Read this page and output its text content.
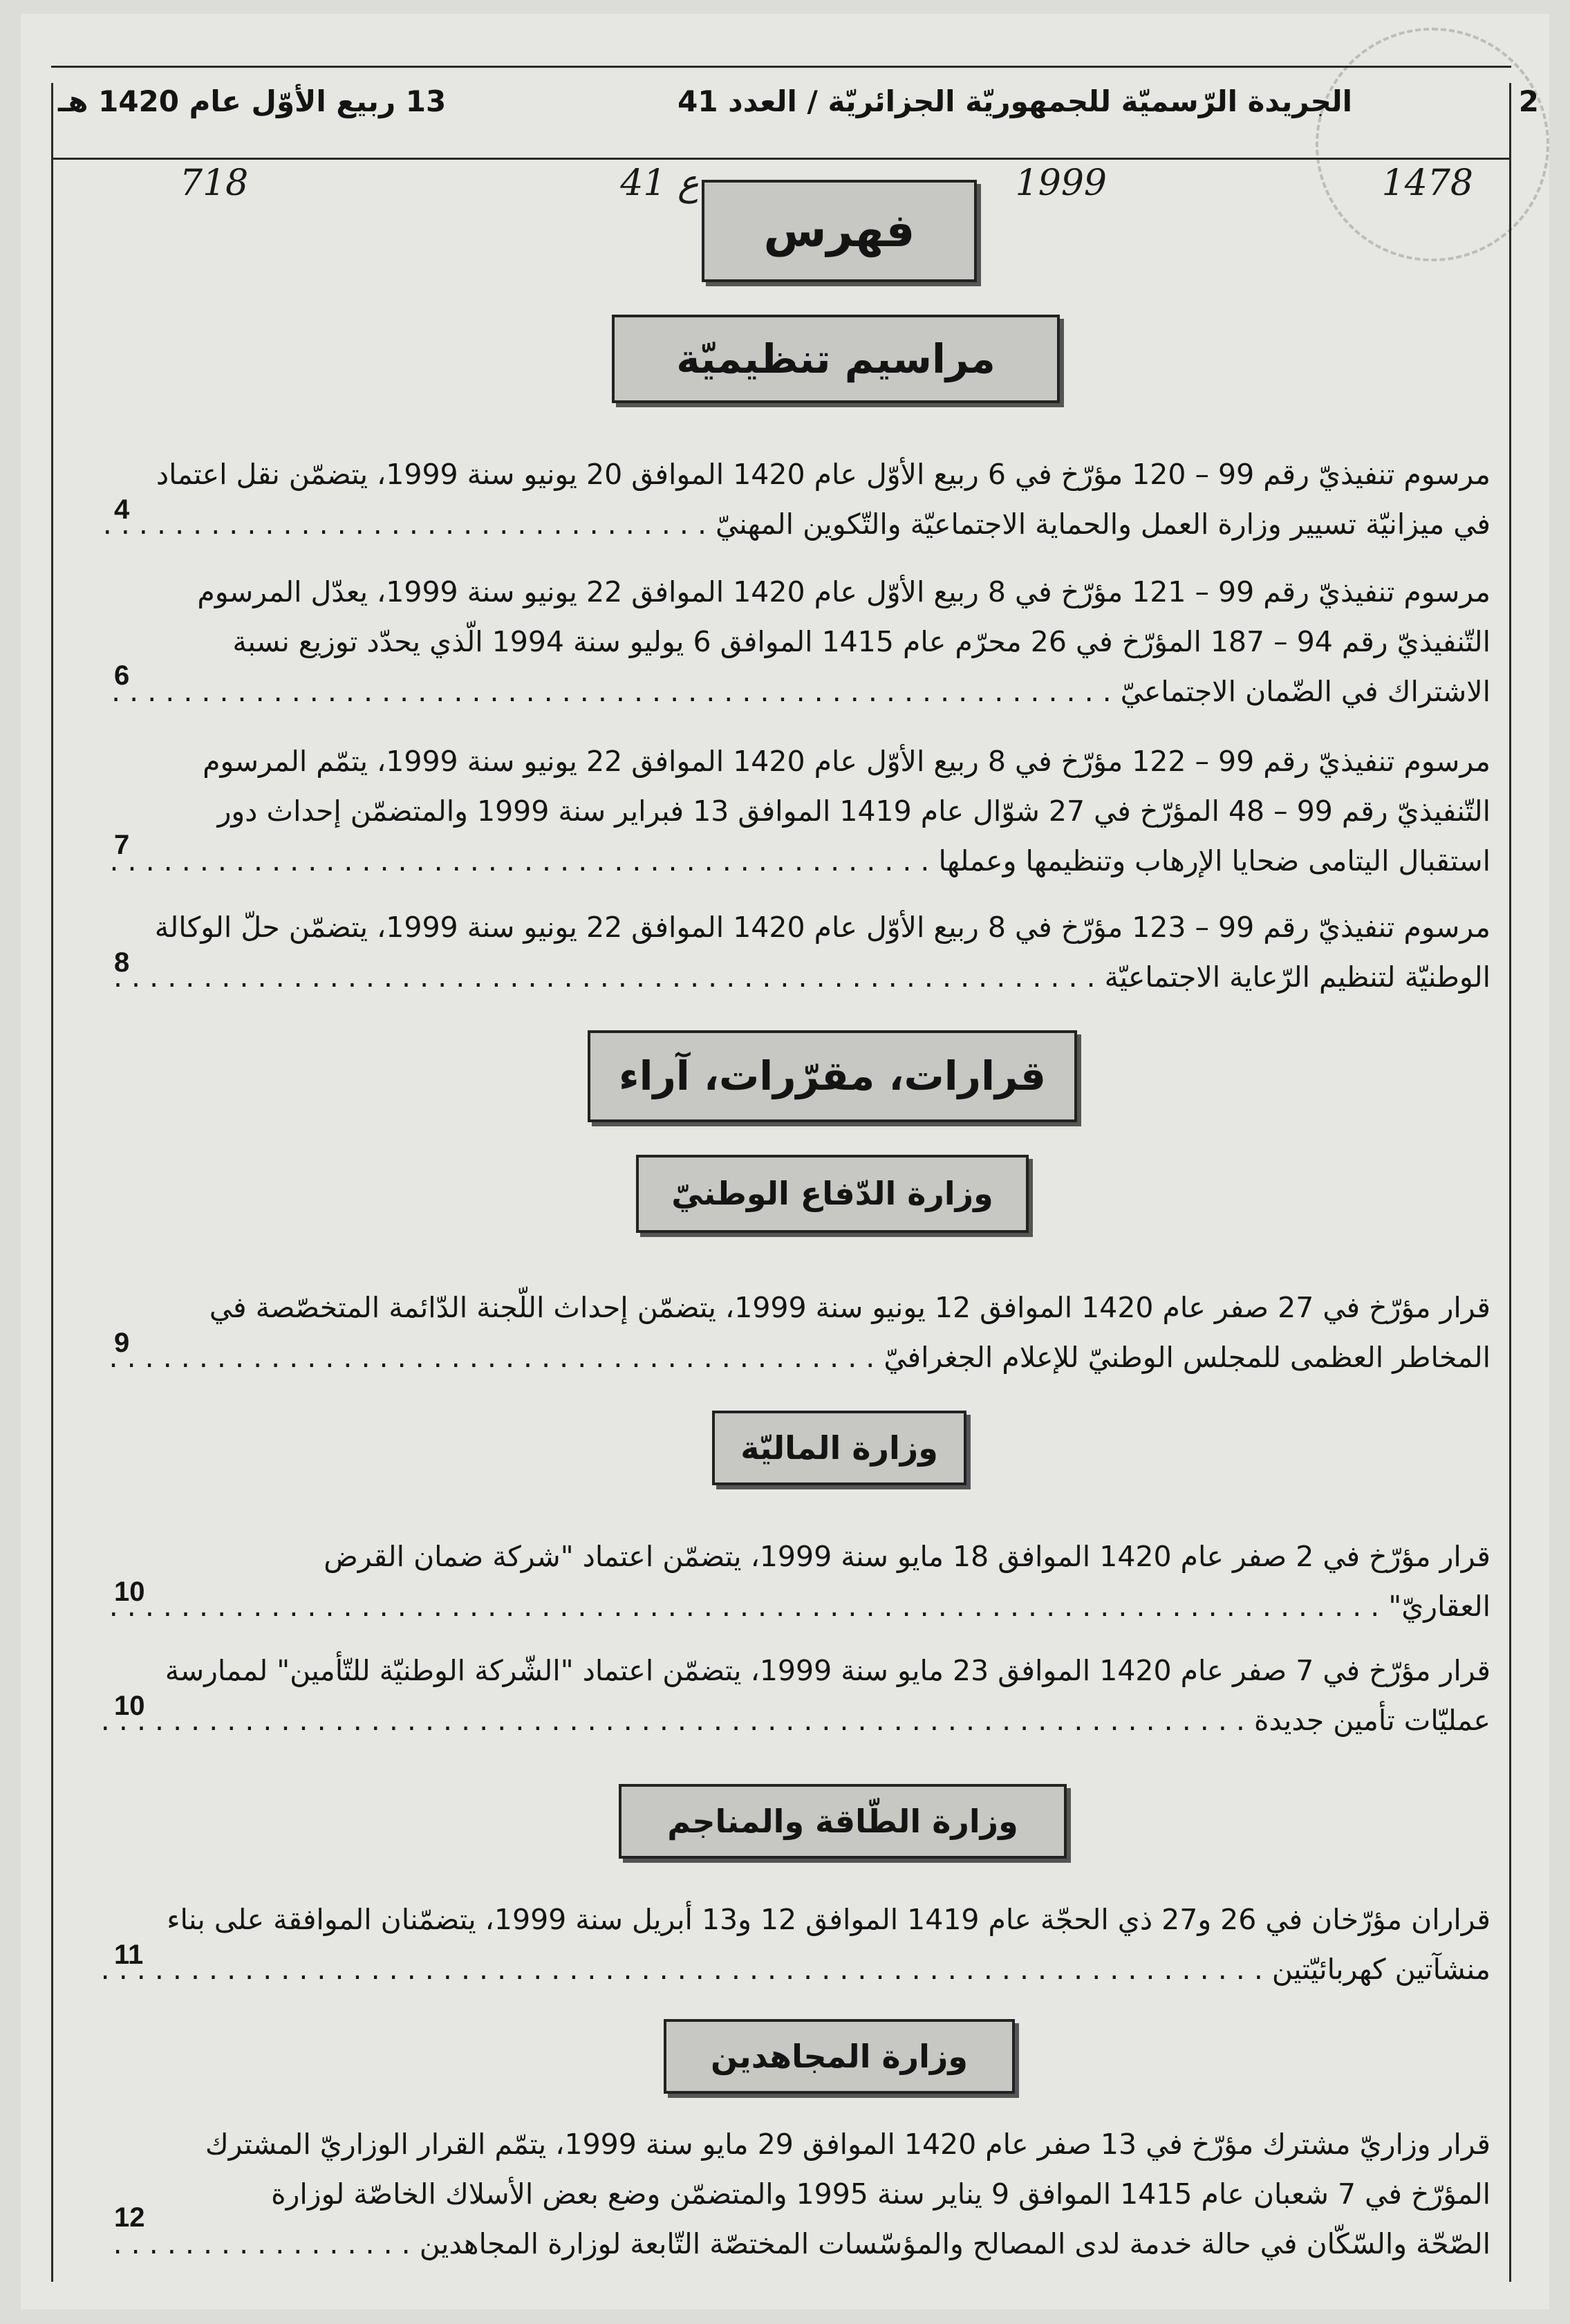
2
الجريدة الرّسميّة للجمهوريّة الجزائريّة / العدد 41
13 ربيع الأوّل عام 1420 هـ
1478
1999
ع 41
718
فهرس
مراسيم تنظيميّة
مرسوم تنفيذيّ رقم 99 – 120 مؤرّخ في 6 ربيع الأوّل عام 1420 الموافق 20 يونيو سنة 1999، يتضمّن نقل اعتماد
في ميزانيّة تسيير وزارة العمل والحماية الاجتماعيّة والتّكوين المهنيّ . . .
4
مرسوم تنفيذيّ رقم 99 – 121 مؤرّخ في 8 ربيع الأوّل عام 1420 الموافق 22 يونيو سنة 1999، يعدّل المرسوم
التّنفيذيّ رقم 94 – 187 المؤرّخ في 26 محرّم عام 1415 الموافق 6 يوليو سنة 1994 الّذي يحدّد توزيع نسبة
الاشتراك في الضّمان الاجتماعيّ . . .
6
مرسوم تنفيذيّ رقم 99 – 122 مؤرّخ في 8 ربيع الأوّل عام 1420 الموافق 22 يونيو سنة 1999، يتمّم المرسوم
التّنفيذيّ رقم 99 – 48 المؤرّخ في 27 شوّال عام 1419 الموافق 13 فبراير سنة 1999 والمتضمّن إحداث دور
استقبال اليتامى ضحايا الإرهاب وتنظيمها وعملها . . .
7
مرسوم تنفيذيّ رقم 99 – 123 مؤرّخ في 8 ربيع الأوّل عام 1420 الموافق 22 يونيو سنة 1999، يتضمّن حلّ الوكالة
الوطنيّة لتنظيم الرّعاية الاجتماعيّة . . .
8
قرارات، مقرّرات، آراء
وزارة الدّفاع الوطنيّ
قرار مؤرّخ في 27 صفر عام 1420 الموافق 12 يونيو سنة 1999، يتضمّن إحداث اللّجنة الدّائمة المتخصّصة في
المخاطر العظمى للمجلس الوطنيّ للإعلام الجغرافيّ . . .
9
وزارة الماليّة
قرار مؤرّخ في 2 صفر عام 1420 الموافق 18 مايو سنة 1999، يتضمّن اعتماد "شركة ضمان القرض
العقاريّ" . . .
10
قرار مؤرّخ في 7 صفر عام 1420 الموافق 23 مايو سنة 1999، يتضمّن اعتماد "الشّركة الوطنيّة للتّأمين" لممارسة
عمليّات تأمين جديدة . . .
10
وزارة الطّاقة والمناجم
قراران مؤرّخان في 26 و27 ذي الحجّة عام 1419 الموافق 12 و13 أبريل سنة 1999، يتضمّنان الموافقة على بناء
منشآتين كهربائيّتين . . .
11
وزارة المجاهدين
قرار وزاريّ مشترك مؤرّخ في 13 صفر عام 1420 الموافق 29 مايو سنة 1999، يتمّم القرار الوزاريّ المشترك
المؤرّخ في 7 شعبان عام 1415 الموافق 9 يناير سنة 1995 والمتضمّن وضع بعض الأسلاك الخاصّة لوزارة
الصّحّة والسّكّان في حالة خدمة لدى المصالح والمؤسّسات المختصّة التّابعة لوزارة المجاهدين . . .
12
